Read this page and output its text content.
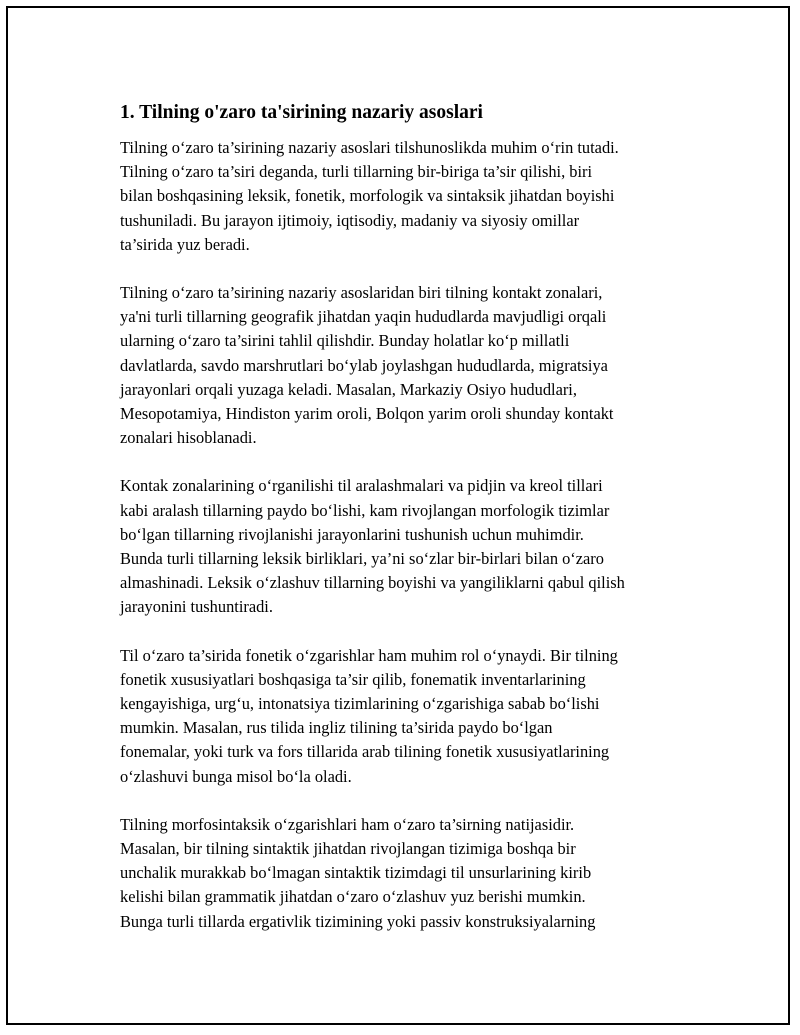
1. Tilning o'zaro ta'sirining nazariy asoslari

Tilning o‘zaro ta’sirining nazariy asoslari tilshunoslikda muhim o‘rin tutadi.
Tilning o‘zaro ta’siri deganda, turli tillarning bir-biriga ta’sir qilishi, biri
bilan boshqasining leksik, fonetik, morfologik va sintaksik jihatdan boyishi
tushuniladi. Bu jarayon ijtimoiy, iqtisodiy, madaniy va siyosiy omillar
ta’sirida yuz beradi.

Tilning o‘zaro ta’sirining nazariy asoslaridan biri tilning kontakt zonalari,
ya'ni turli tillarning geografik jihatdan yaqin hududlarda mavjudligi orqali
ularning o‘zaro ta’sirini tahlil qilishdir. Bunday holatlar ko‘p millatli
davlatlarda, savdo marshrutlari bo‘ylab joylashgan hududlarda, migratsiya
jarayonlari orqali yuzaga keladi. Masalan, Markaziy Osiyo hududlari,
Mesopotamiya, Hindiston yarim oroli, Bolqon yarim oroli shunday kontakt
zonalari hisoblanadi.

Kontak zonalarining o‘rganilishi til aralashmalari va pidjin va kreol tillari
kabi aralash tillarning paydo bo‘lishi, kam rivojlangan morfologik tizimlar
bo‘lgan tillarning rivojlanishi jarayonlarini tushunish uchun muhimdir.
Bunda turli tillarning leksik birliklari, ya’ni so‘zlar bir-birlari bilan o‘zaro
almashinadi. Leksik o‘zlashuv tillarning boyishi va yangiliklarni qabul qilish
jarayonini tushuntiradi.

Til o‘zaro ta’sirida fonetik o‘zgarishlar ham muhim rol o‘ynaydi. Bir tilning
fonetik xususiyatlari boshqasiga ta’sir qilib, fonematik inventarlarining
kengayishiga, urg‘u, intonatsiya tizimlarining o‘zgarishiga sabab bo‘lishi
mumkin. Masalan, rus tilida ingliz tilining ta’sirida paydo bo‘lgan
fonemalar, yoki turk va fors tillarida arab tilining fonetik xususiyatlarining
o‘zlashuvi bunga misol bo‘la oladi.

Tilning morfosintaksik o‘zgarishlari ham o‘zaro ta’sirning natijasidir.
Masalan, bir tilning sintaktik jihatdan rivojlangan tizimiga boshqa bir
unchalik murakkab bo‘lmagan sintaktik tizimdagi til unsurlarining kirib
kelishi bilan grammatik jihatdan o‘zaro o‘zlashuv yuz berishi mumkin.
Bunga turli tillarda ergativlik tizimining yoki passiv konstruksiyalarning
